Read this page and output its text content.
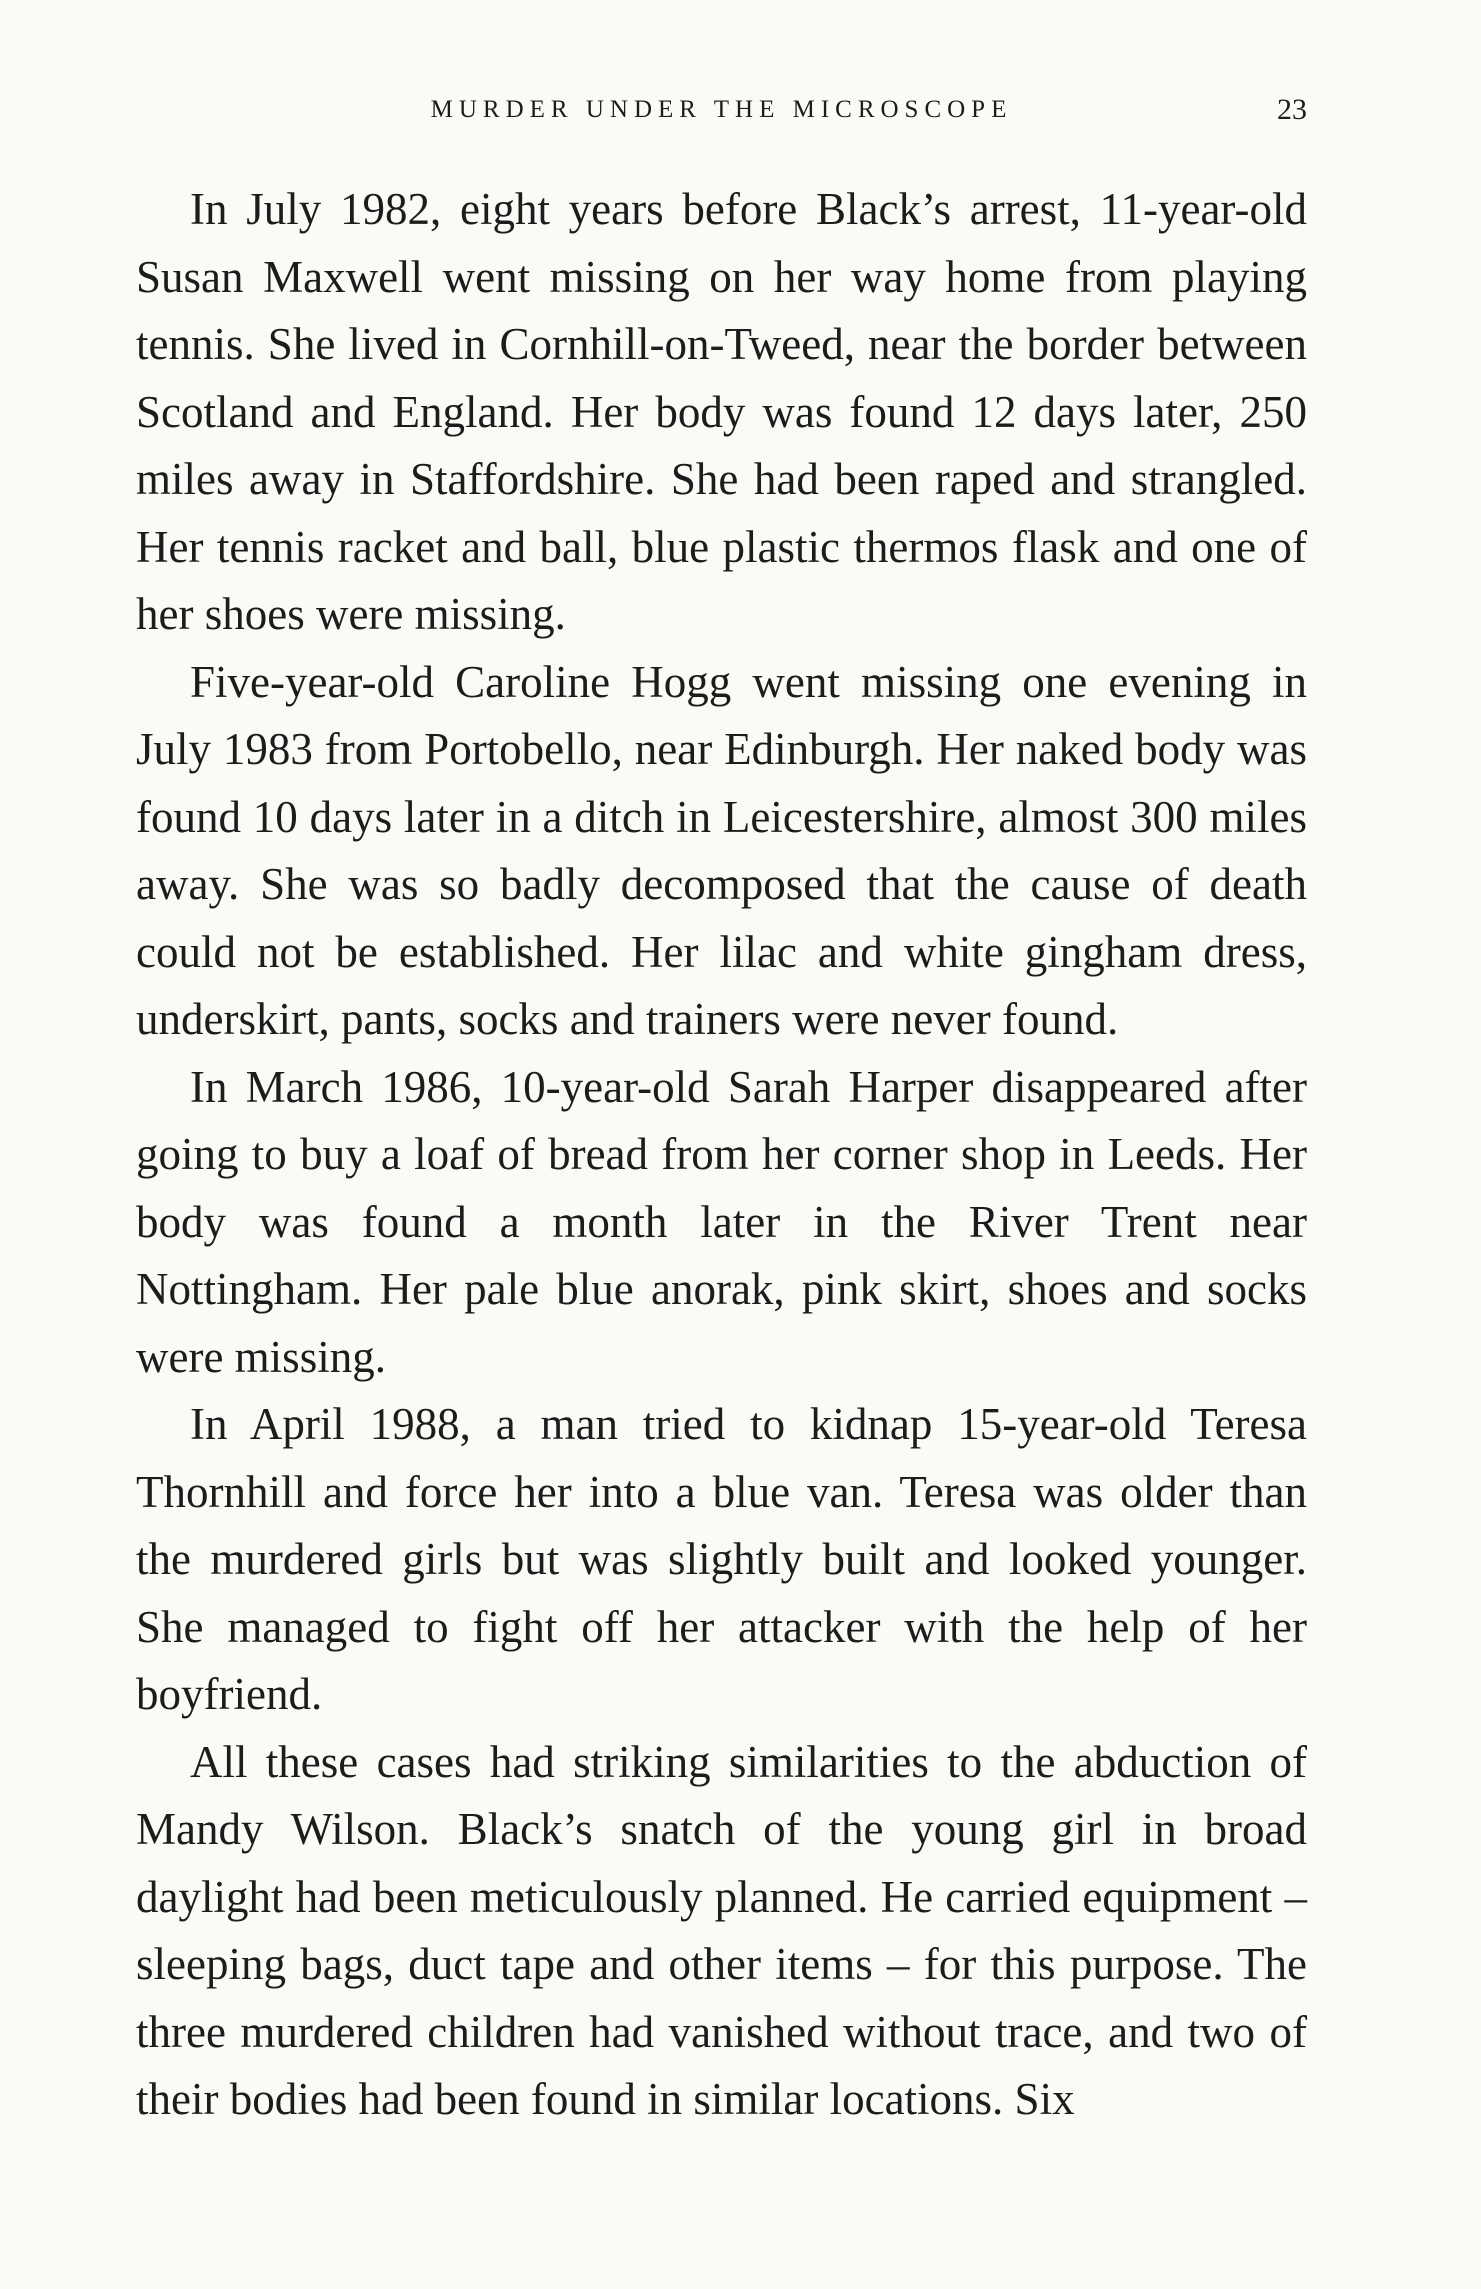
MURDER UNDER THE MICROSCOPE	23

In July 1982, eight years before Black’s arrest, 11-year-old Susan Maxwell went missing on her way home from playing tennis. She lived in Cornhill-on-Tweed, near the border between Scotland and England. Her body was found 12 days later, 250 miles away in Staffordshire. She had been raped and strangled. Her tennis racket and ball, blue plastic thermos flask and one of her shoes were missing.

Five-year-old Caroline Hogg went missing one evening in July 1983 from Portobello, near Edinburgh. Her naked body was found 10 days later in a ditch in Leicestershire, almost 300 miles away. She was so badly decomposed that the cause of death could not be established. Her lilac and white gingham dress, underskirt, pants, socks and trainers were never found.

In March 1986, 10-year-old Sarah Harper disappeared after going to buy a loaf of bread from her corner shop in Leeds. Her body was found a month later in the River Trent near Nottingham. Her pale blue anorak, pink skirt, shoes and socks were missing.

In April 1988, a man tried to kidnap 15-year-old Teresa Thornhill and force her into a blue van. Teresa was older than the murdered girls but was slightly built and looked younger. She managed to fight off her attacker with the help of her boyfriend.

All these cases had striking similarities to the abduction of Mandy Wilson. Black’s snatch of the young girl in broad daylight had been meticulously planned. He carried equipment – sleeping bags, duct tape and other items – for this purpose. The three murdered children had vanished without trace, and two of their bodies had been found in similar locations. Six
